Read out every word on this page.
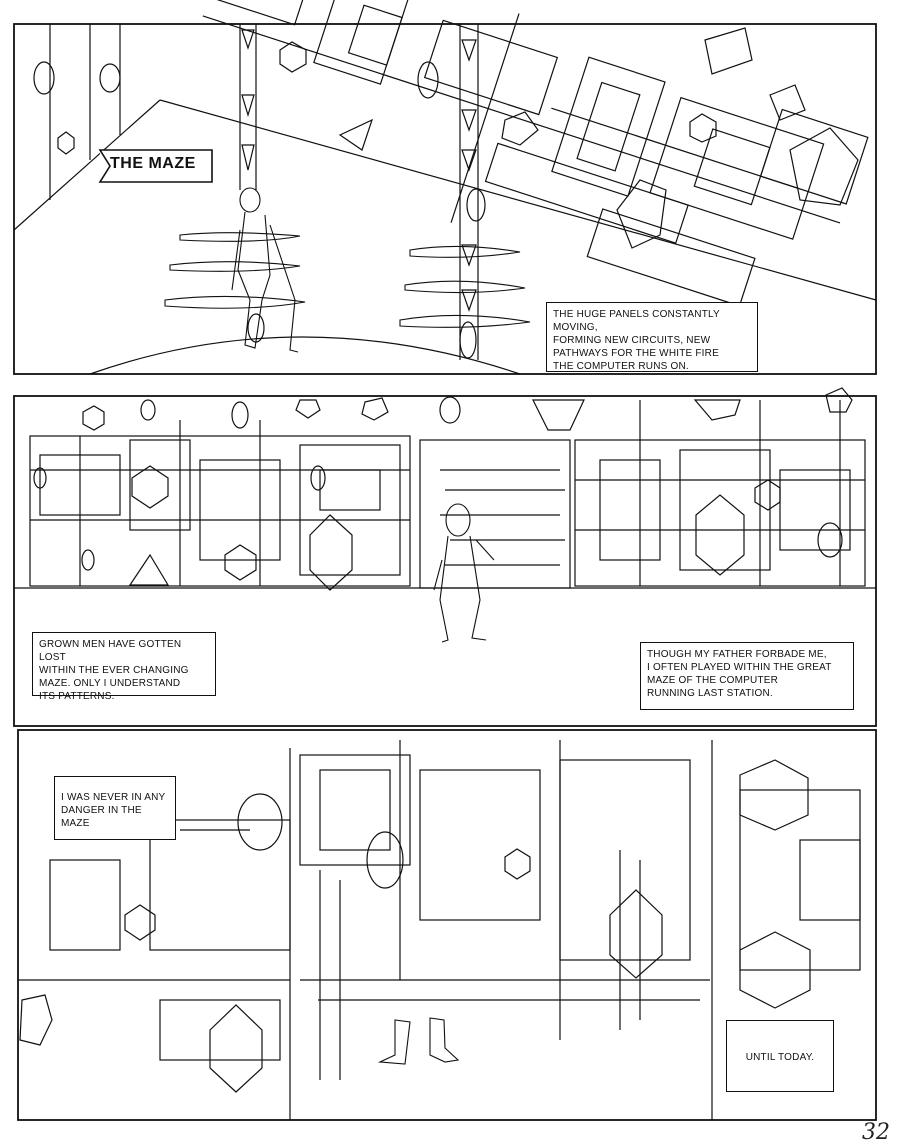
THE MAZE
THE HUGE PANELS CONSTANTLY MOVING,
FORMING NEW CIRCUITS, NEW
PATHWAYS FOR THE WHITE FIRE
THE COMPUTER RUNS ON.
GROWN MEN HAVE GOTTEN LOST
WITHIN THE EVER CHANGING
MAZE. ONLY I UNDERSTAND
ITS PATTERNS.
THOUGH MY FATHER FORBADE ME,
I OFTEN PLAYED WITHIN THE GREAT
MAZE OF THE COMPUTER
RUNNING LAST STATION.
I WAS NEVER IN ANY
DANGER IN THE MAZE
UNTIL TODAY.
32
